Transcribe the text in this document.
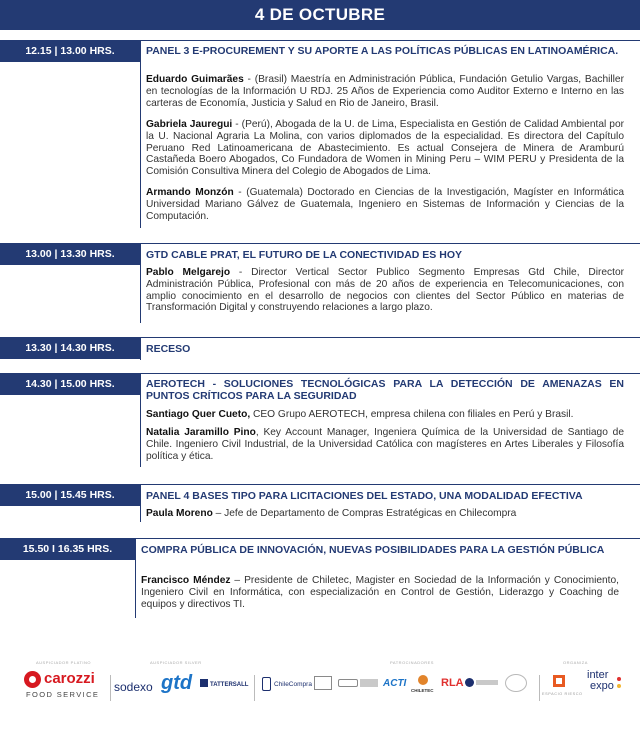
4 DE OCTUBRE
12.15 | 13.00 HRS.	PANEL 3 E-PROCUREMENT Y SU APORTE A LAS POLÍTICAS PÚBLICAS EN LATINOAMÉRICA.
Eduardo Guimarães - (Brasil) Maestría en Administración Pública, Fundación Getulio Vargas, Bachiller en tecnologías de la Información U RDJ. 25 Años de Experiencia como Auditor Externo e Interno en las carteras de Economía, Justicia y Salud en Rio de Janeiro, Brasil.
Gabriela Jauregui - (Perú), Abogada de la U. de Lima, Especialista en Gestión de Calidad Ambiental por la U. Nacional Agraria La Molina, con varios diplomados de la especialidad. Es directora del Capítulo Peruano Red Latinoamericana de Abastecimiento. Es actual Consejera de Minera de Aramburú Castañeda Boero Abogados, Co Fundadora de Women in Mining Peru – WIM PERU y Presidenta de la Comisión Consultiva Minera del Colegio de Abogados de Lima.
Armando Monzón - (Guatemala) Doctorado en Ciencias de la Investigación, Magíster en Informática Universidad Mariano Gálvez de Guatemala, Ingeniero en Sistemas de Información y Ciencias de la Computación.
13.00 | 13.30 HRS.	GTD CABLE PRAT, EL FUTURO DE LA CONECTIVIDAD ES HOY
Pablo Melgarejo - Director Vertical Sector Publico Segmento Empresas Gtd Chile, Director Administración Pública, Profesional con más de 20 años de experiencia en Telecomunicaciones, con amplio conocimiento en el desarrollo de negocios con clientes del Sector Público en materias de Transformación Digital y construyendo relaciones a largo plazo.
13.30 | 14.30 HRS.	RECESO
14.30 | 15.00 HRS.	AEROTECH - SOLUCIONES TECNOLÓGICAS PARA LA DETECCIÓN DE AMENAZAS EN PUNTOS CRÍTICOS PARA LA SEGURIDAD
Santiago Quer Cueto, CEO Grupo AEROTECH, empresa chilena con filiales en Perú y Brasil.
Natalia Jaramillo Pino, Key Account Manager, Ingeniera Química de la Universidad de Santiago de Chile. Ingeniero Civil Industrial, de la Universidad Católica con magísteres en Artes Liberales y Filosofía política y ética.
15.00 | 15.45 HRS.	PANEL 4 BASES TIPO PARA LICITACIONES DEL ESTADO, UNA MODALIDAD EFECTIVA
Paula Moreno – Jefe de Departamento de Compras Estratégicas en Chilecompra
15.50 I 16.35 HRS.	COMPRA PÚBLICA DE INNOVACIÓN, NUEVAS POSIBILIDADES PARA LA GESTIÓN PÚBLICA
Francisco Méndez – Presidente de Chiletec, Magister en Sociedad de la Información y Conocimiento, Ingeniero Civil en Informática, con especialización en Control de Gestión, Liderazgo y Coaching de equipos y directivos TI.
AUSPICIADOR PLATINO	AUSPICIADOR SILVER	PATROCINADORES	ORGANIZA
carozzi
FOOD SERVICE
sodexo gtd	TATTERSALL	ChileCompra	ACTI
CHILETEC
RLA
ESPACIO RIESCO
inter
expo
